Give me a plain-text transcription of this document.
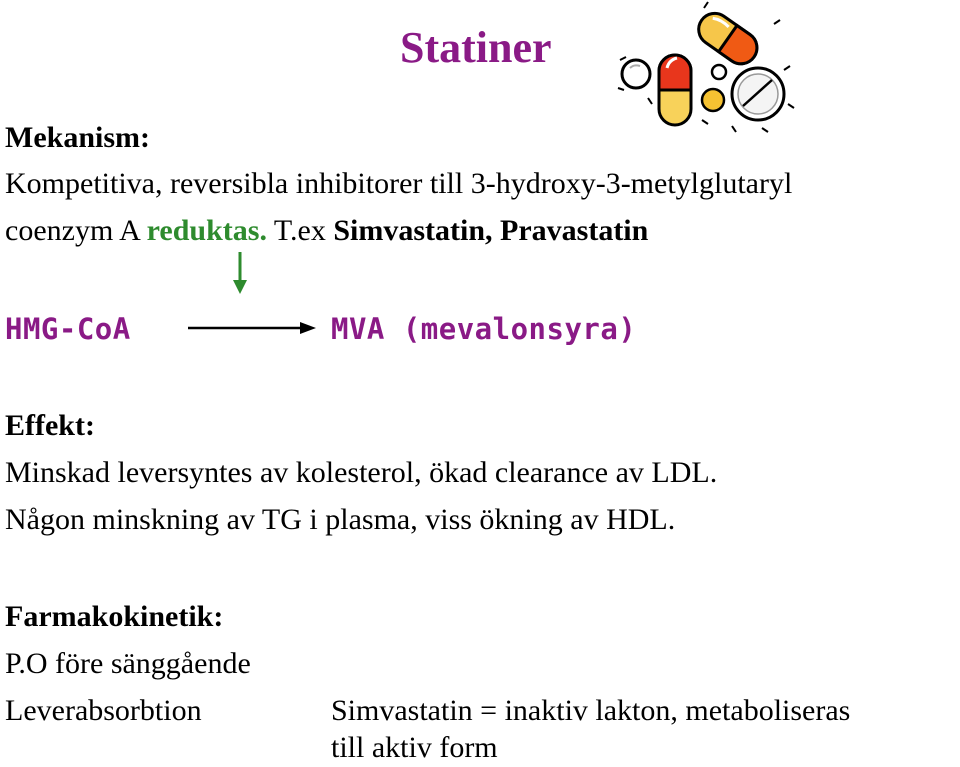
Statiner
Mekanism:
Kompetitiva, reversibla inhibitorer till 3-hydroxy-3-metylglutaryl
coenzym A reduktas. T.ex Simvastatin, Pravastatin
HMG-CoA	MVA (mevalonsyra)
Effekt:
Minskad leversyntes av kolesterol, ökad clearance av LDL.
Någon minskning av TG i plasma, viss ökning av HDL.
Farmakokinetik:
P.O före sänggående
Leverabsorbtion	Simvastatin = inaktiv lakton, metaboliseras
till aktiv form
